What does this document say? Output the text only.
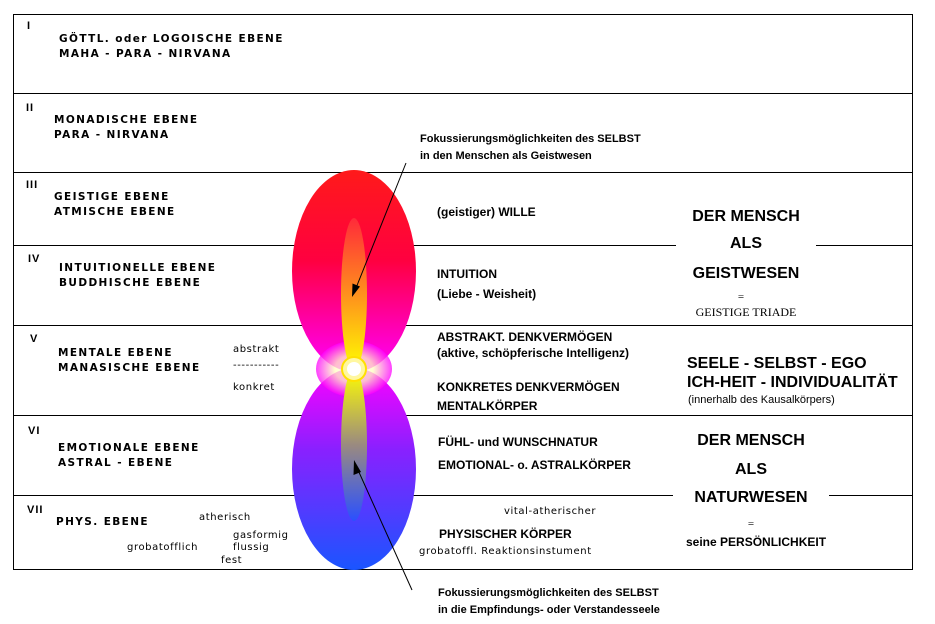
I
II
III
IV
V
VI
VII
GÖTTL. oder LOGOISCHE EBENE
MAHA - PARA - NIRVANA
MONADISCHE EBENE
PARA - NIRVANA
GEISTIGE EBENE
ATMISCHE EBENE
INTUITIONELLE EBENE
BUDDHISCHE EBENE
MENTALE EBENE
MANASISCHE EBENE
EMOTIONALE EBENE
ASTRAL - EBENE
PHYS. EBENE
abstrakt
-----------
konkret
atherisch
gasformig
grobatofflich	flussig
fest
Fokussierungsmöglichkeiten des SELBST
in den Menschen als Geistwesen
(geistiger) WILLE
INTUITION
(Liebe - Weisheit)
ABSTRAKT. DENKVERMÖGEN
(aktive, schöpferische Intelligenz)
KONKRETES DENKVERMÖGEN
MENTALKÖRPER
FÜHL- und WUNSCHNATUR
EMOTIONAL- o. ASTRALKÖRPER
vital-atherischer
PHYSISCHER KÖRPER
grobatoffl. Reaktionsinstument
DER MENSCH
ALS
GEISTWESEN
=
GEISTIGE TRIADE
SEELE - SELBST - EGO
ICH-HEIT - INDIVIDUALITÄT
(innerhalb des Kausalkörpers)
DER MENSCH
ALS
NATURWESEN
=
seine PERSÖNLICHKEIT
Fokussierungsmöglichkeiten des SELBST
in die Empfindungs- oder Verstandesseele
